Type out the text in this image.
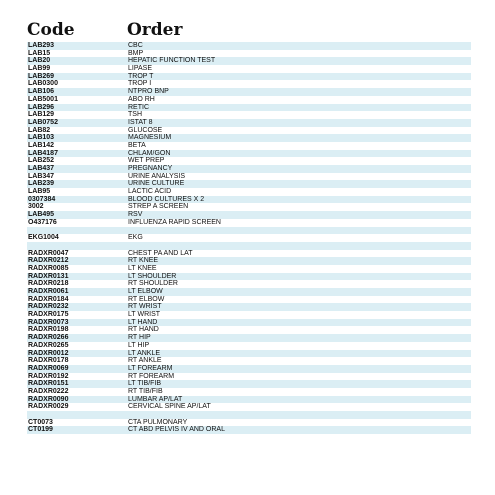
Code	Order
LAB293	CBC
LAB15	BMP
LAB20	HEPATIC FUNCTION TEST
LAB99	LIPASE
LAB269	TROP T
LAB0300	TROP I
LAB106	NTPRO BNP
LAB5001	ABO RH
LAB296	RETIC
LAB129	TSH
LAB0752	ISTAT 8
LAB82	GLUCOSE
LAB103	MAGNESIUM
LAB142	BETA
LAB4187	CHLAM/GON
LAB252	WET PREP
LAB437	PREGNANCY
LAB347	URINE ANALYSIS
LAB239	URINE CULTURE
LAB95	LACTIC ACID
0307384	BLOOD CULTURES X 2
3002	STREP A SCREEN
LAB495	RSV
O437176	INFLUENZA RAPID SCREEN
EKG1004	EKG
RADXR0047	CHEST PA AND LAT
RADXR0212	RT KNEE
RADXR0085	LT KNEE
RADXR0131	LT SHOULDER
RADXR0218	RT SHOULDER
RADXR0061	LT ELBOW
RADXR0184	RT ELBOW
RADXR0232	RT WRIST
RADXR0175	LT WRIST
RADXR0073	LT HAND
RADXR0198	RT HAND
RADXR0266	RT HIP
RADXR0265	LT HIP
RADXR0012	LT ANKLE
RADXR0178	RT ANKLE
RADXR0069	LT FOREARM
RADXR0192	RT FOREARM
RADXR0151	LT TIB/FIB
RADXR0222	RT TIB/FIB
RADXR0090	LUMBAR AP/LAT
RADXR0029	CERVICAL SPINE AP/LAT
CT0073	CTA PULMONARY
CT0199	CT ABD PELVIS IV AND ORAL
